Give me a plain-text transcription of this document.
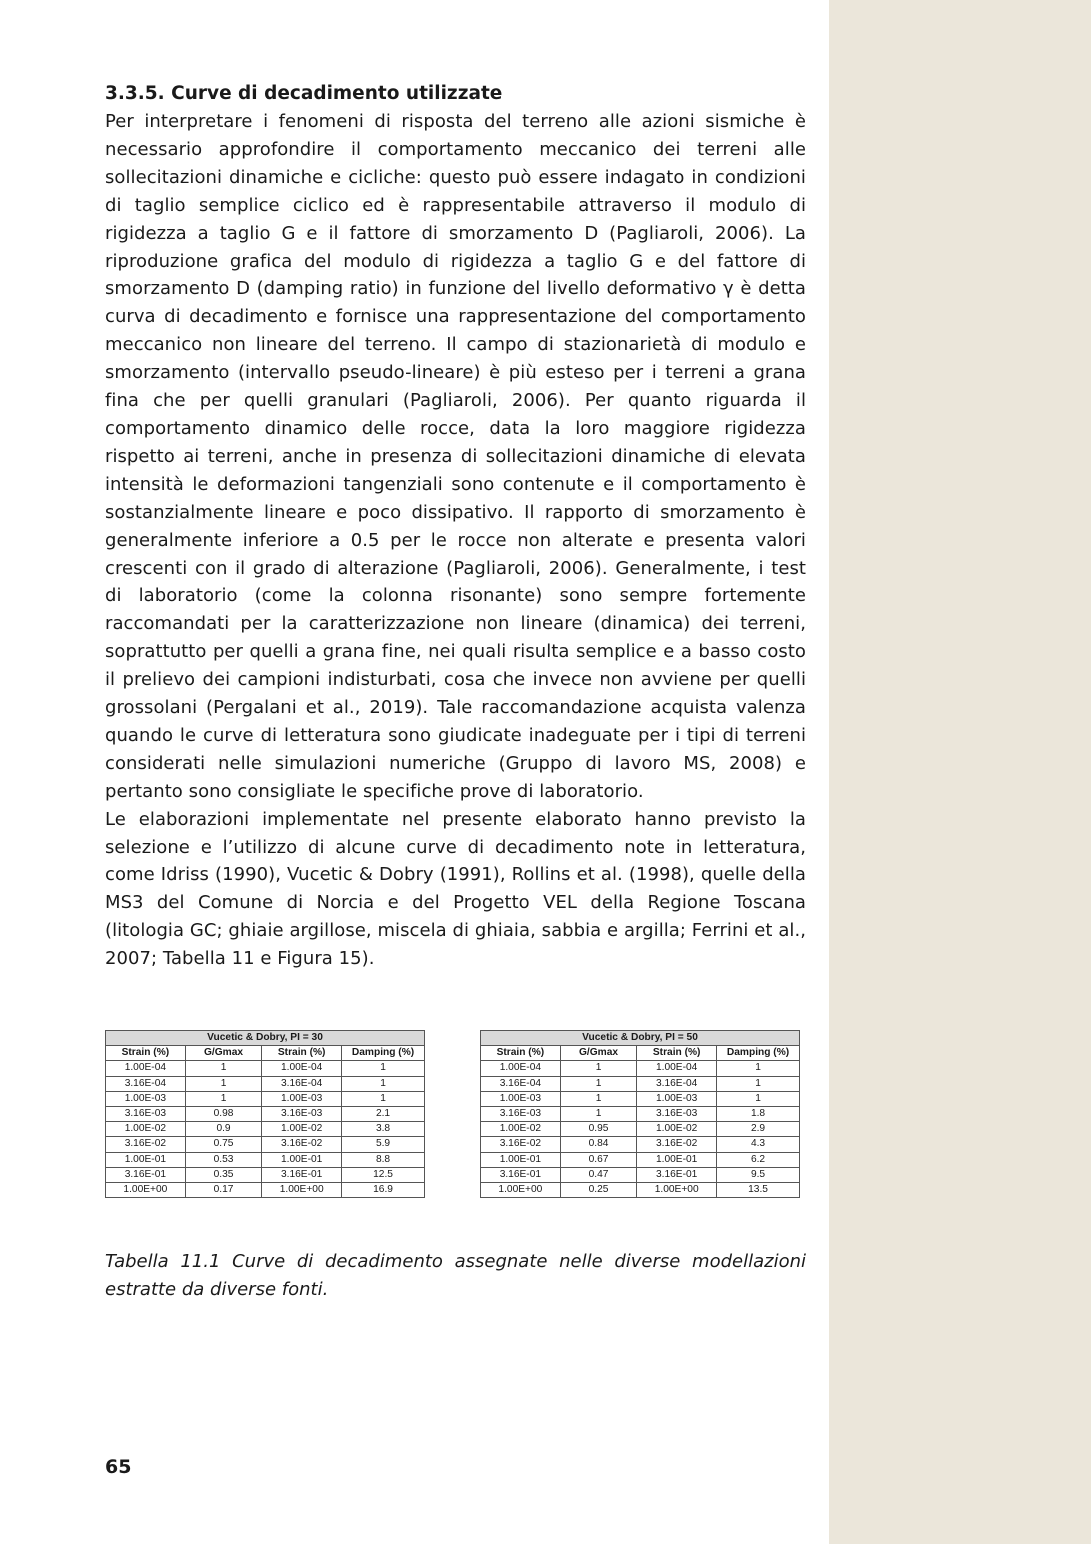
3.3.5. Curve di decadimento utilizzate

Per interpretare i fenomeni di risposta del terreno alle azioni sismiche è necessario approfondire il comportamento meccanico dei terreni alle sollecitazioni dinamiche e cicliche: questo può essere indagato in condizioni di taglio semplice ciclico ed è rappresentabile attraverso il modulo di rigidezza a taglio G e il fattore di smorzamento D (Pagliaroli, 2006). La riproduzione grafica del modulo di rigidezza a taglio G e del fattore di smorzamento D (damping ratio) in funzione del livello deformativo γ è detta curva di decadimento e fornisce una rappresentazione del comportamento meccanico non lineare del terreno. Il campo di stazionarietà di modulo e smorzamento (intervallo pseudo-lineare) è più esteso per i terreni a grana fina che per quelli granulari (Pagliaroli, 2006). Per quanto riguarda il comportamento dinamico delle rocce, data la loro maggiore rigidezza rispetto ai terreni, anche in presenza di sollecitazioni dinamiche di elevata intensità le deformazioni tangenziali sono contenute e il comportamento è sostanzialmente lineare e poco dissipativo. Il rapporto di smorzamento è generalmente inferiore a 0.5 per le rocce non alterate e presenta valori crescenti con il grado di alterazione (Pagliaroli, 2006). Generalmente, i test di laboratorio (come la colonna risonante) sono sempre fortemente raccomandati per la caratterizzazione non lineare (dinamica) dei terreni, soprattutto per quelli a grana fine, nei quali risulta semplice e a basso costo il prelievo dei campioni indisturbati, cosa che invece non avviene per quelli grossolani (Pergalani et al., 2019). Tale raccomandazione acquista valenza quando le curve di letteratura sono giudicate inadeguate per i tipi di terreni considerati nelle simulazioni numeriche (Gruppo di lavoro MS, 2008) e pertanto sono consigliate le specifiche prove di laboratorio.

Le elaborazioni implementate nel presente elaborato hanno previsto la selezione e l’utilizzo di alcune curve di decadimento note in letteratura, come Idriss (1990), Vucetic & Dobry (1991), Rollins et al. (1998), quelle della MS3 del Comune di Norcia e del Progetto VEL della Regione Toscana (litologia GC; ghiaie argillose, miscela di ghiaia, sabbia e argilla; Ferrini et al., 2007; Tabella 11 e Figura 15).

Vucetic & Dobry, PI = 30			
Strain (%)	G/Gmax	Strain (%)	Damping (%)
1.00E-04	1	1.00E-04	1
3.16E-04	1	3.16E-04	1
1.00E-03	1	1.00E-03	1
3.16E-03	0.98	3.16E-03	2.1
1.00E-02	0.9	1.00E-02	3.8
3.16E-02	0.75	3.16E-02	5.9
1.00E-01	0.53	1.00E-01	8.8
3.16E-01	0.35	3.16E-01	12.5
1.00E+00	0.17	1.00E+00	16.9
Vucetic & Dobry, PI = 50			
Strain (%)	G/Gmax	Strain (%)	Damping (%)
1.00E-04	1	1.00E-04	1
3.16E-04	1	3.16E-04	1
1.00E-03	1	1.00E-03	1
3.16E-03	1	3.16E-03	1.8
1.00E-02	0.95	1.00E-02	2.9
3.16E-02	0.84	3.16E-02	4.3
1.00E-01	0.67	1.00E-01	6.2
3.16E-01	0.47	3.16E-01	9.5
1.00E+00	0.25	1.00E+00	13.5

Tabella 11.1 Curve di decadimento assegnate nelle diverse modellazioni estratte da diverse fonti.

65
